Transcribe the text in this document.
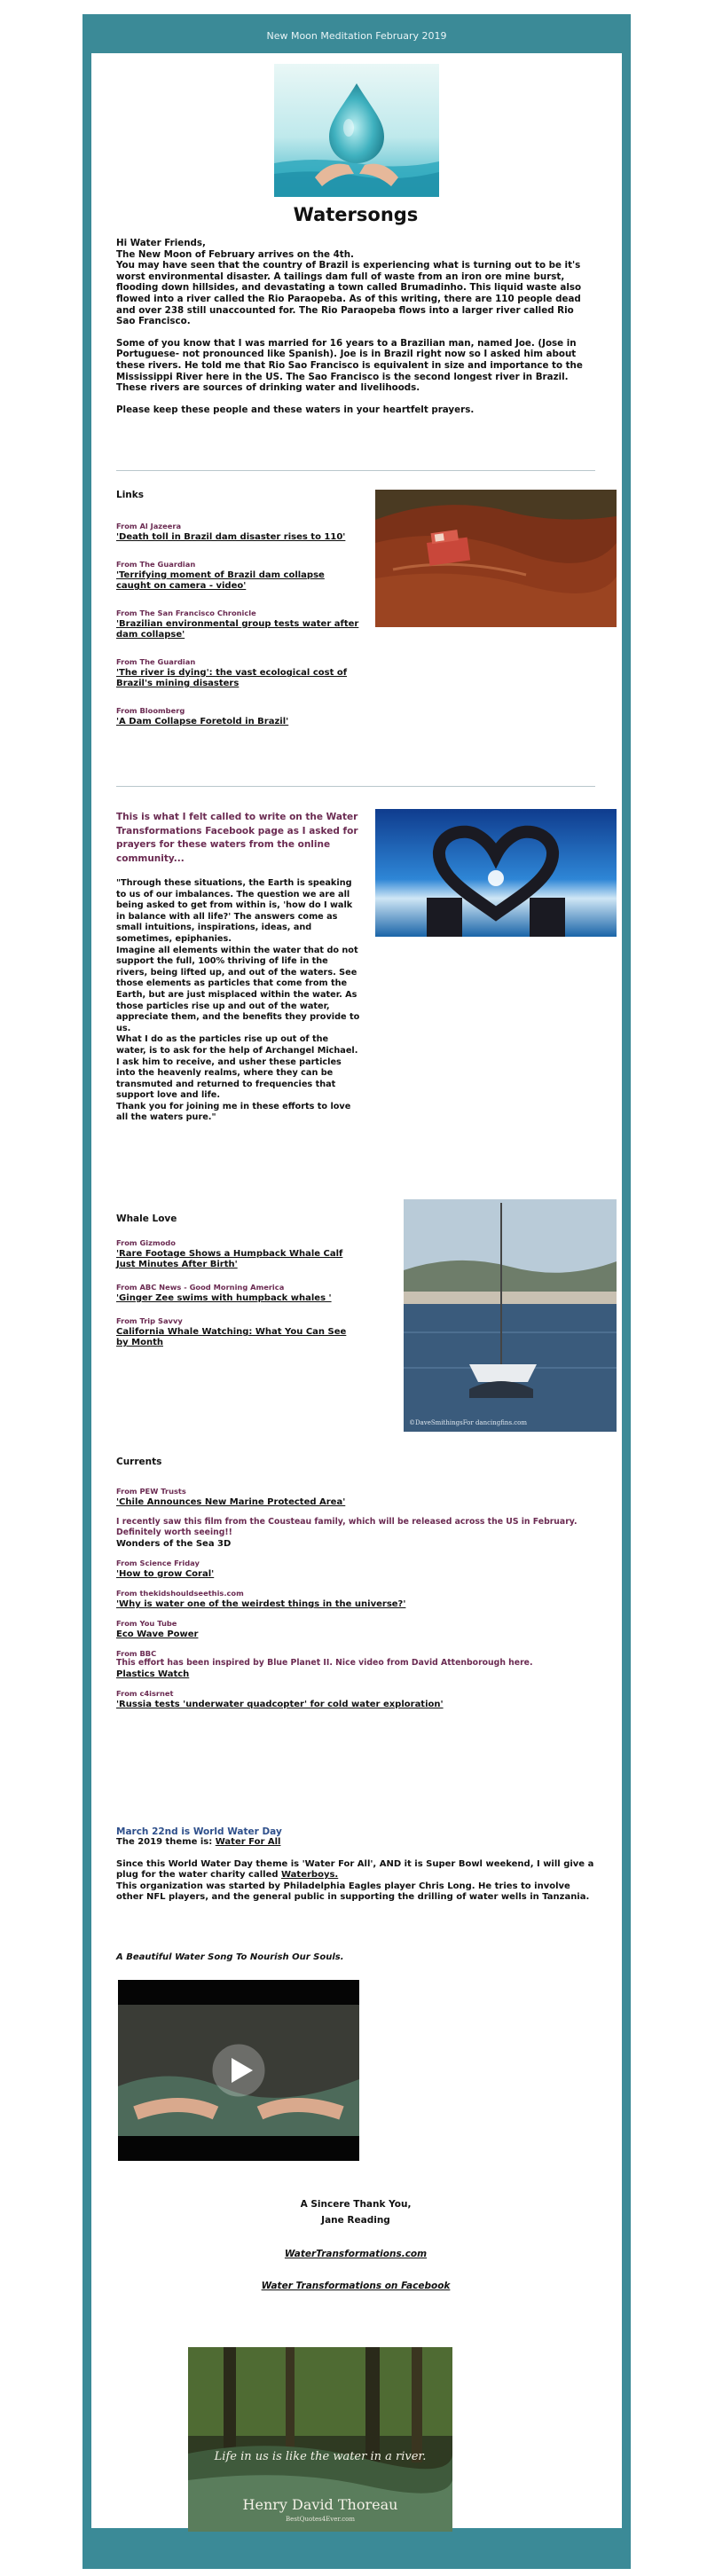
New Moon Meditation February 2019
Watersongs
Hi Water Friends,
The New Moon of February arrives on the 4th.

You may have seen that the country of Brazil is experiencing what is turning out to be it's worst environmental disaster. A tailings dam full of waste from an iron ore mine burst, flooding down hillsides, and devastating a town called Brumadinho. This liquid waste also flowed into a river called the Rio Paraopeba. As of this writing, there are 110 people dead and over 238 still unaccounted for. The Rio Paraopeba flows into a larger river called Rio Sao Francisco.

Some of you know that I was married for 16 years to a Brazilian man, named Joe. (Jose in Portuguese- not pronounced like Spanish). Joe is in Brazil right now so I asked him about these rivers. He told me that Rio Sao Francisco is equivalent in size and importance to the Mississippi River here in the US. The Sao Francisco is the second longest river in Brazil. These rivers are sources of drinking water and livelihoods.

Please keep these people and these waters in your heartfelt prayers.

Links

From Al Jazeera

'Death toll in Brazil dam disaster rises to 110'

From The Guardian

'Terrifying moment of Brazil dam collapse caught on camera - video'

From The San Francisco Chronicle

'Brazilian environmental group tests water after dam collapse'

From The Guardian

'The river is dying': the vast ecological cost of Brazil's mining disasters

From Bloomberg

'A Dam Collapse Foretold in Brazil'
This is what I felt called to write on the Water Transformations Facebook page as I asked for prayers for these waters from the online community...
"Through these situations, the Earth is speaking to us of our imbalances. The question we are all being asked to get from within is, 'how do I walk in balance with all life?' The answers come as small intuitions, inspirations, ideas, and sometimes, epiphanies.
Imagine all elements within the water that do not support the full, 100% thriving of life in the rivers, being lifted up, and out of the waters. See those elements as particles that come from the Earth, but are just misplaced within the water. As those particles rise up and out of the water, appreciate them, and the benefits they provide to us.
What I do as the particles rise up out of the water, is to ask for the help of Archangel Michael. I ask him to receive, and usher these particles into the heavenly realms, where they can be transmuted and returned to frequencies that support love and life.
Thank you for joining me in these efforts to love all the waters pure."
Whale Love

From Gizmodo

'Rare Footage Shows a Humpback Whale Calf Just Minutes After Birth'

From ABC News - Good Morning America

'Ginger Zee swims with humpback whales '

From Trip Savvy

California Whale Watching: What You Can See by Month
©DaveSmithingsFor dancingfins.com
Currents

From PEW Trusts

'Chile Announces New Marine Protected Area'

I recently saw this film from the Cousteau family, which will be released across the US in February. Definitely worth seeing!!

Wonders of the Sea 3D

From Science Friday

'How to grow Coral'

From thekidshouldseethis.com

'Why is water one of the weirdest things in the universe?'

From You Tube

Eco Wave Power

From BBC

This effort has been inspired by Blue Planet II. Nice video from David Attenborough here.

Plastics Watch

From c4isrnet

'Russia tests 'underwater quadcopter' for cold water exploration'
March 22nd is World Water Day
The 2019 theme is: Water For All
Since this World Water Day theme is 'Water For All', AND it is Super Bowl weekend, I will give a plug for the water charity called Waterboys.
This organization was started by Philadelphia Eagles player Chris Long. He tries to involve other NFL players, and the general public in supporting the drilling of water wells in Tanzania.
A Beautiful Water Song To Nourish Our Souls.
A Sincere Thank You,
Jane Reading
WaterTransformations.com
Water Transformations on Facebook
Life in us is like the water in a river.
Henry David Thoreau
BestQuotes4Ever.com
